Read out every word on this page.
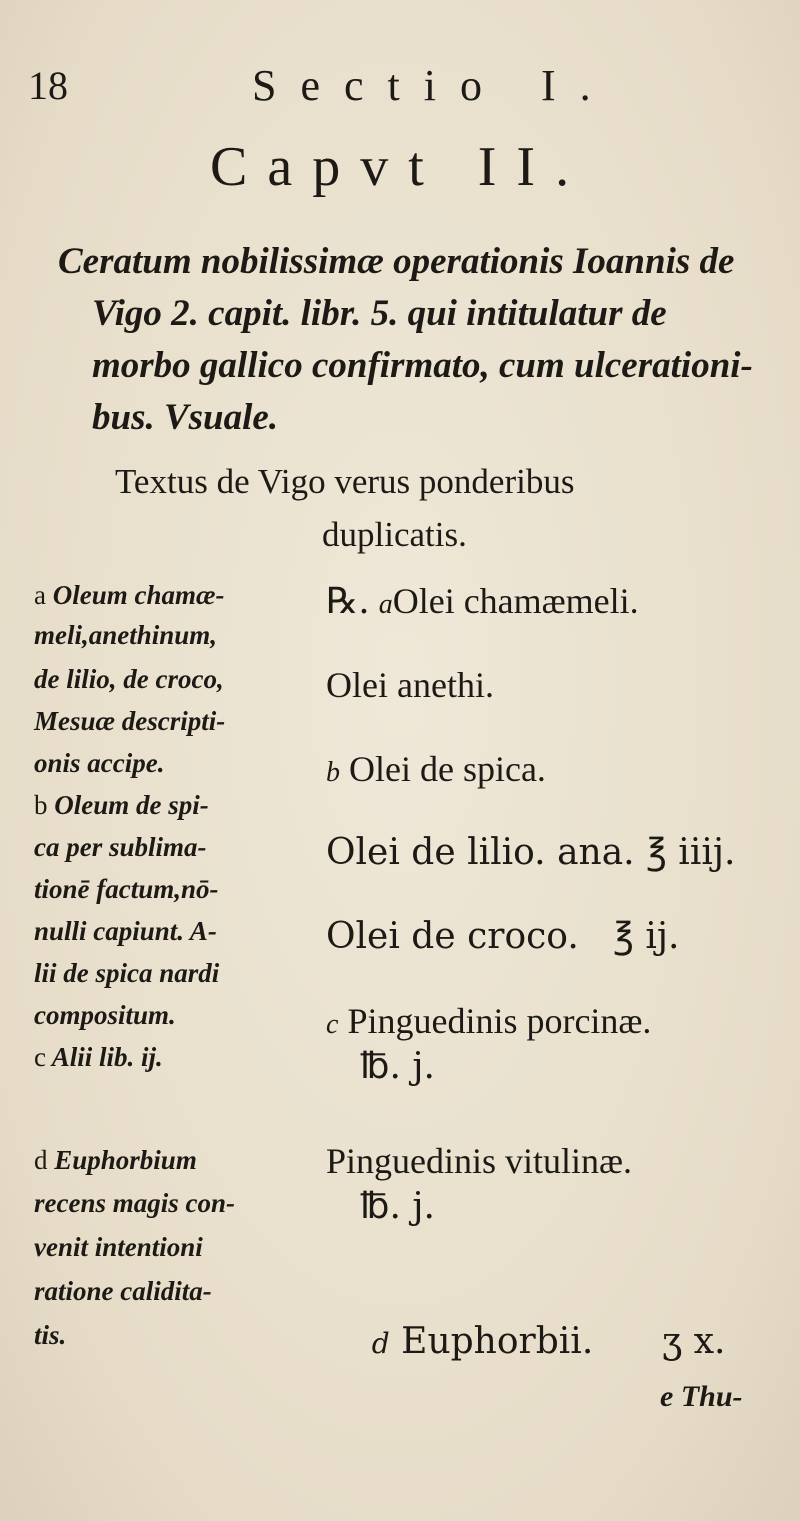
18	Sectio I.
Capvt II.
Ceratum nobilissimæ operationis Ioannis de
Vigo 2. capit. libr. 5. qui intitulatur de
morbo gallico confirmato, cum ulcerationi-
bus. Vsuale.
Textus de Vigo verus ponderibus
duplicatis.
a Oleum chamæ-
meli,anethinum,
de lilio, de croco,
Mesuæ descripti-
onis accipe.
b Oleum de spi-
ca per sublima-
tionē factum,nō-
nulli capiunt. A-
lii de spica nardi
compositum.
c Alii lib. ij.
d Euphorbium
recens magis con-
venit intentioni
ratione calidita-
tis.
℞. aOlei chamæmeli.
Olei anethi.
b Olei de spica.
Olei de lilio. ana. ℥ iiij.
Olei de croco.   ℥ ij.
c Pinguedinis porcinæ.
℔. j.
Pinguedinis vitulinæ.
℔. j.

d Euphorbii.      ʒ x.

e Thu-
